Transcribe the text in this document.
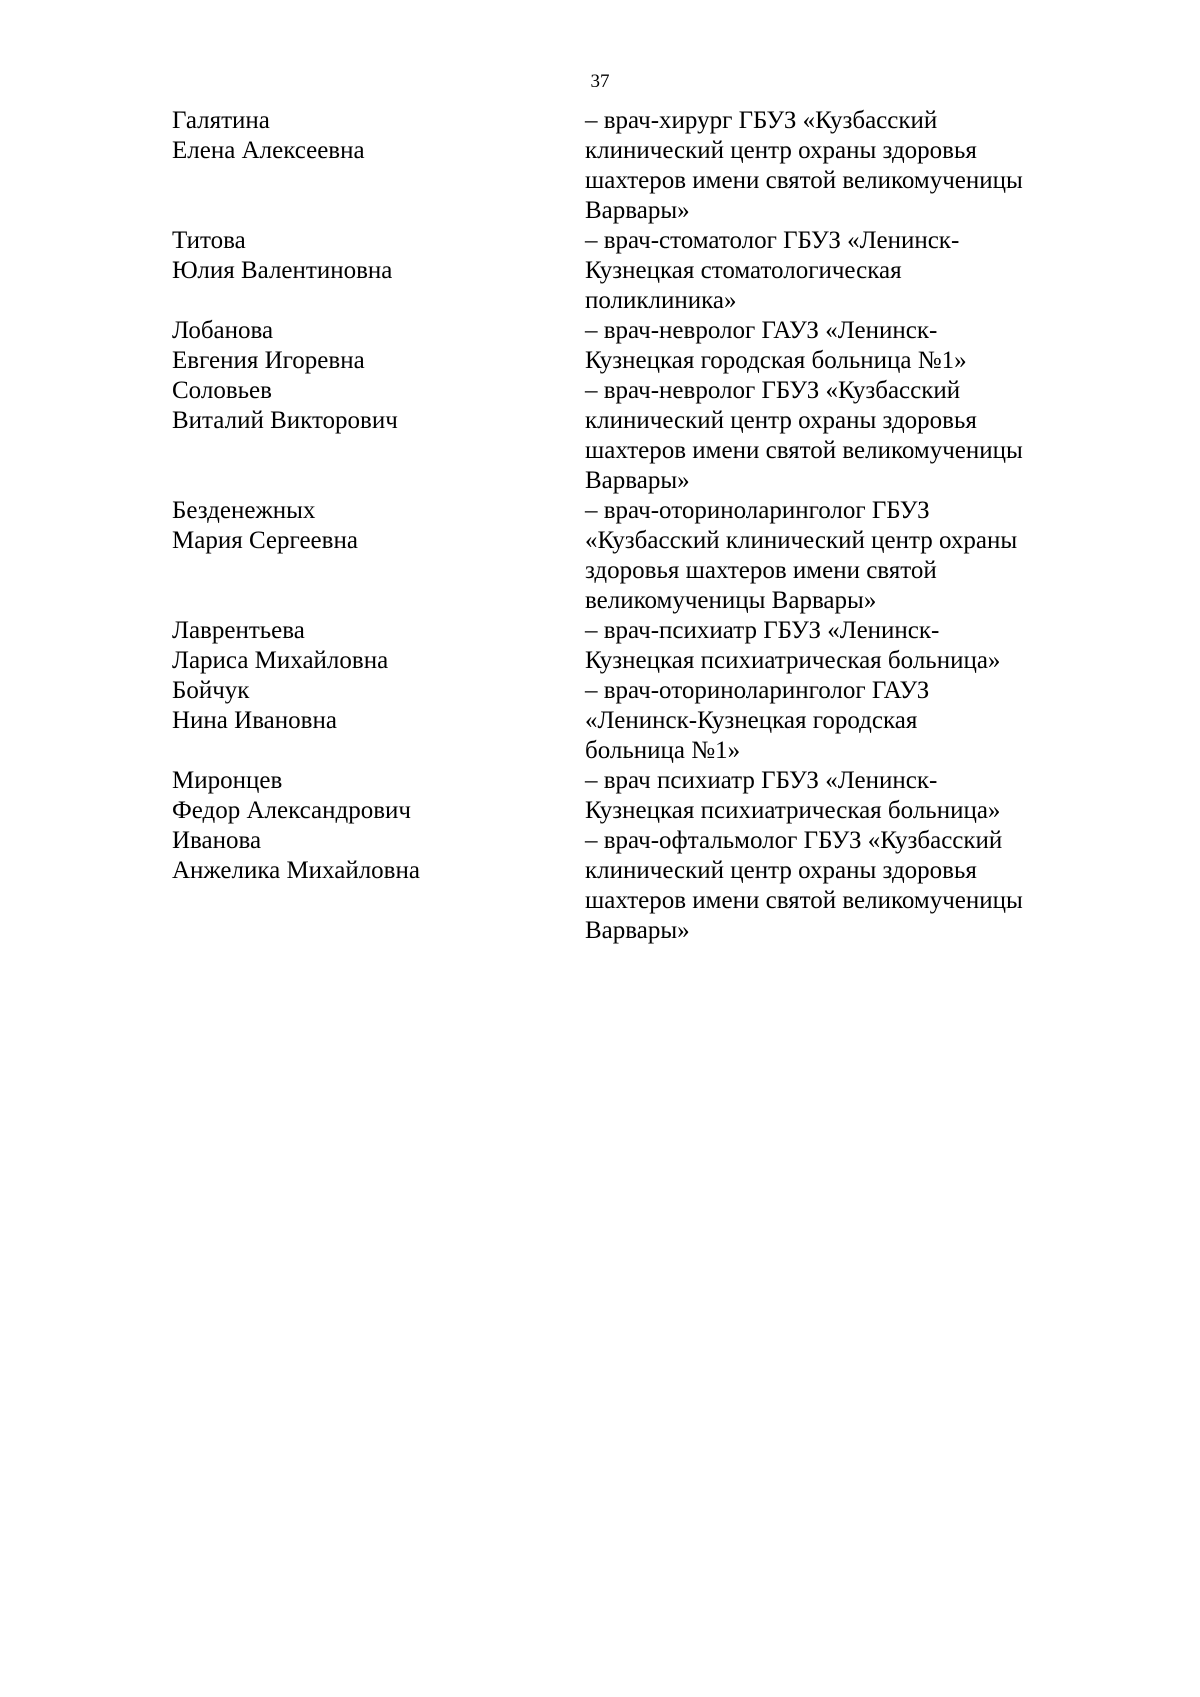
37
Галятина
Елена Алексеевна
– врач-хирург ГБУЗ «Кузбасский
клинический центр охраны здоровья
шахтеров имени святой великомученицы
Варвары»
Титова
Юлия Валентиновна
– врач-стоматолог ГБУЗ «Ленинск-
Кузнецкая стоматологическая
поликлиника»
Лобанова
Евгения Игоревна
– врач-невролог ГАУЗ «Ленинск-
Кузнецкая городская больница №1»
Соловьев
Виталий Викторович
– врач-невролог ГБУЗ «Кузбасский
клинический центр охраны здоровья
шахтеров имени святой великомученицы
Варвары»
Безденежных
Мария Сергеевна
– врач-оториноларинголог ГБУЗ
«Кузбасский клинический центр охраны
здоровья шахтеров имени святой
великомученицы Варвары»
Лаврентьева
Лариса Михайловна
– врач-психиатр ГБУЗ «Ленинск-
Кузнецкая психиатрическая больница»
Бойчук
Нина Ивановна
– врач-оториноларинголог ГАУЗ
«Ленинск-Кузнецкая городская
больница №1»
Миронцев
Федор Александрович
– врач психиатр ГБУЗ «Ленинск-
Кузнецкая психиатрическая больница»
Иванова
Анжелика Михайловна
– врач-офтальмолог ГБУЗ «Кузбасский
клинический центр охраны здоровья
шахтеров имени святой великомученицы
Варвары»
